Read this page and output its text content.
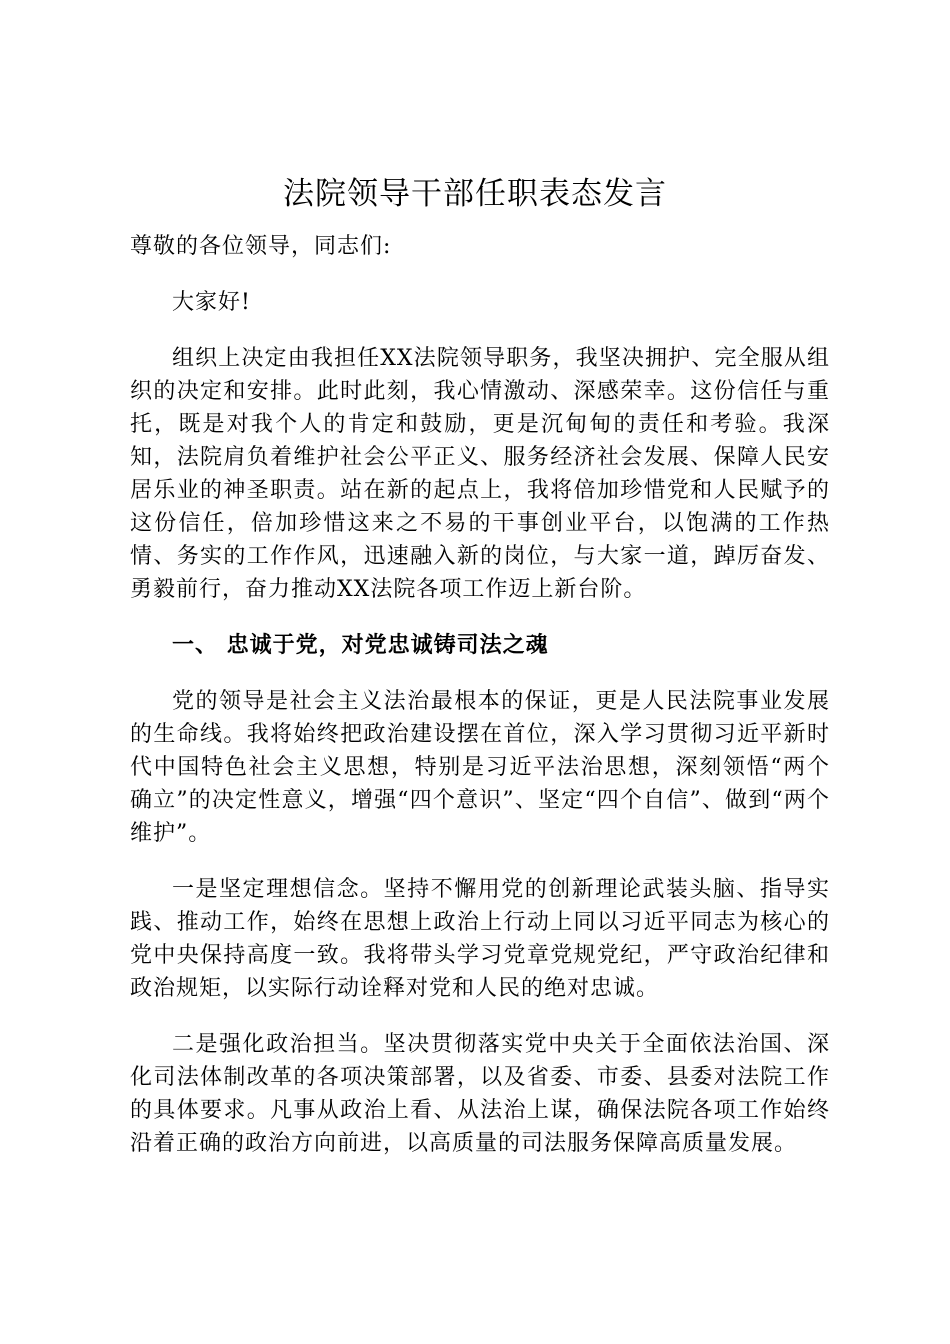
法院领导干部任职表态发言

尊敬的各位领导，同志们:

大家好!

组织上决定由我担任XX法院领导职务，我坚决拥护、完全服从组织的决定和安排。此时此刻，我心情激动、深感荣幸。这份信任与重托，既是对我个人的肯定和鼓励，更是沉甸甸的责任和考验。我深知，法院肩负着维护社会公平正义、服务经济社会发展、保障人民安居乐业的神圣职责。站在新的起点上，我将倍加珍惜党和人民赋予的这份信任，倍加珍惜这来之不易的干事创业平台，以饱满的工作热情、务实的工作作风，迅速融入新的岗位，与大家一道，踔厉奋发、勇毅前行，奋力推动XX法院各项工作迈上新台阶。

一、 忠诚于党，对党忠诚铸司法之魂

党的领导是社会主义法治最根本的保证，更是人民法院事业发展的生命线。我将始终把政治建设摆在首位，深入学习贯彻习近平新时代中国特色社会主义思想，特别是习近平法治思想，深刻领悟“两个确立”的决定性意义，增强“四个意识”、坚定“四个自信”、做到“两个维护”。

一是坚定理想信念。坚持不懈用党的创新理论武装头脑、指导实践、推动工作，始终在思想上政治上行动上同以习近平同志为核心的党中央保持高度一致。我将带头学习党章党规党纪，严守政治纪律和政治规矩，以实际行动诠释对党和人民的绝对忠诚。

二是强化政治担当。坚决贯彻落实党中央关于全面依法治国、深化司法体制改革的各项决策部署，以及省委、市委、县委对法院工作的具体要求。凡事从政治上看、从法治上谋，确保法院各项工作始终沿着正确的政治方向前进，以高质量的司法服务保障高质量发展。
